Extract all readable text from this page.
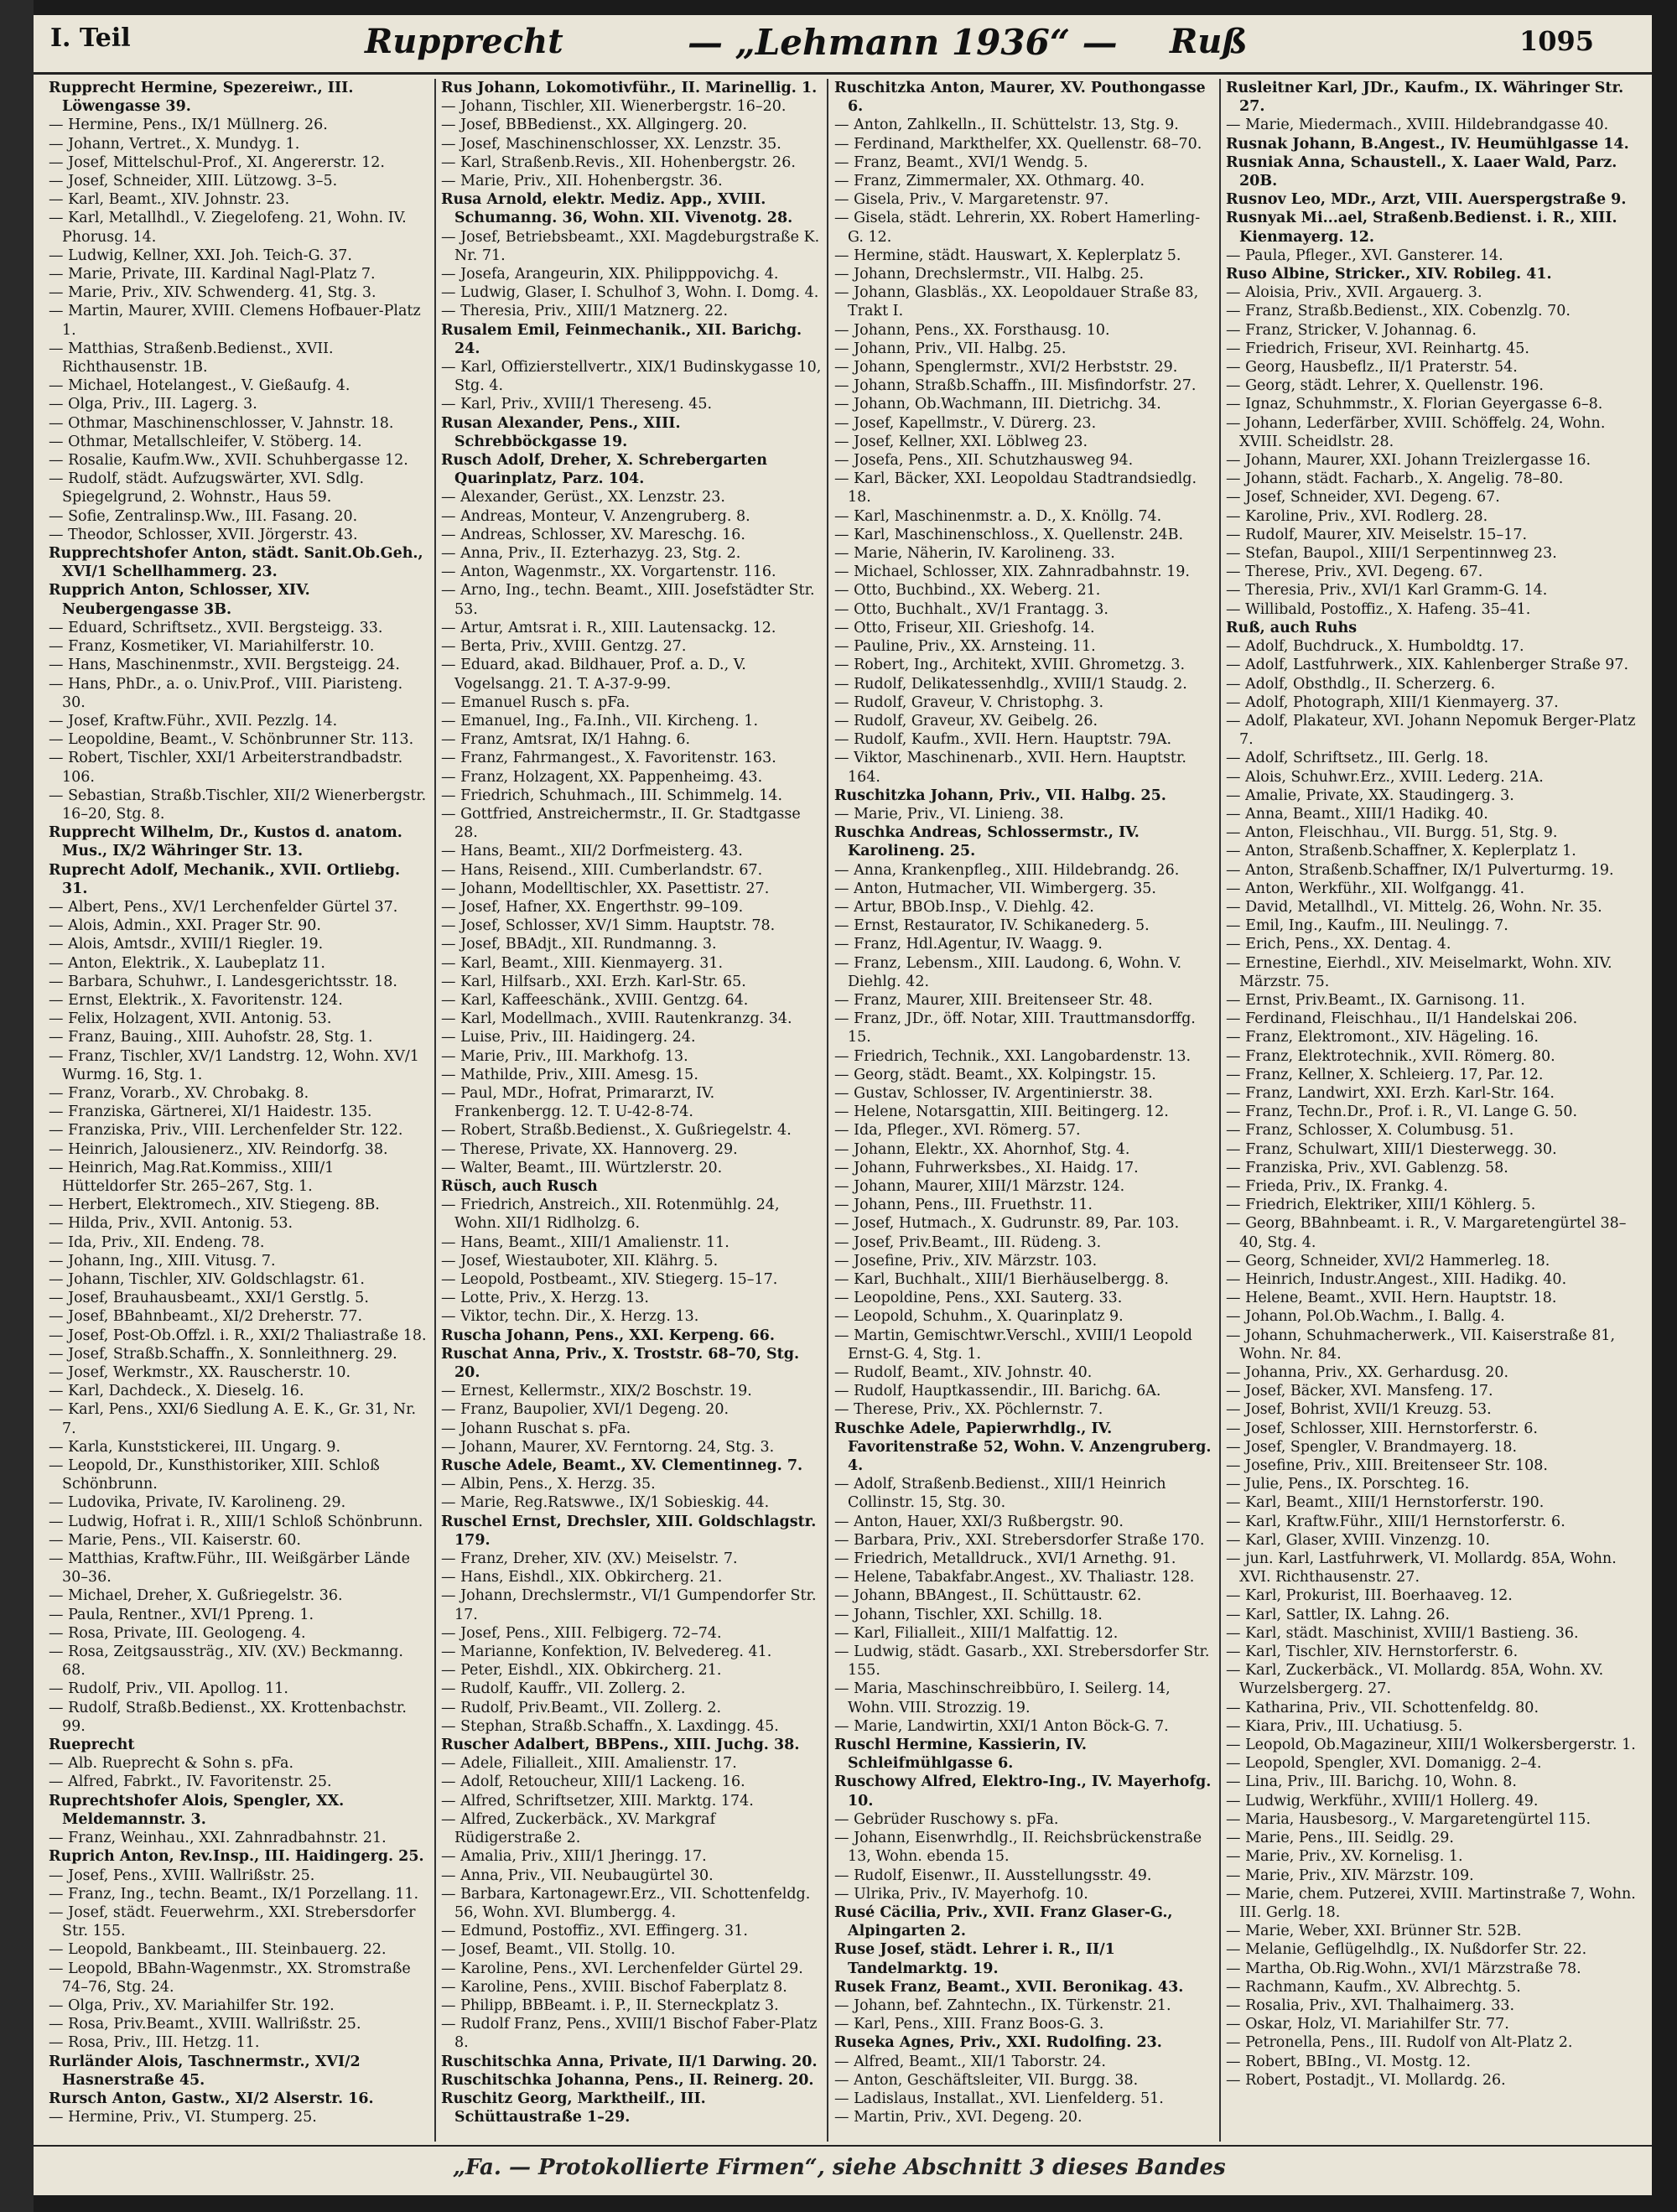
I. Teil	Rupprecht	— „Lehmann 1936“ — Ruß	1095

Rupprecht Hermine, Spezereiwr., III. Löwengasse 39.

— Hermine, Pens., IX/1 Müllnerg. 26.

— Johann, Vertret., X. Mundyg. 1.

— Josef, Mittelschul-Prof., XI. Angererstr. 12.

— Josef, Schneider, XIII. Lützowg. 3–5.

— Karl, Beamt., XIV. Johnstr. 23.

— Karl, Metallhdl., V. Ziegelofeng. 21, Wohn. IV. Phorusg. 14.

— Ludwig, Kellner, XXI. Joh. Teich-G. 37.

— Marie, Private, III. Kardinal Nagl-Platz 7.

— Marie, Priv., XIV. Schwenderg. 41, Stg. 3.

— Martin, Maurer, XVIII. Clemens Hofbauer-Platz 1.

— Matthias, Straßenb.Bedienst., XVII. Richthausenstr. 1B.

— Michael, Hotelangest., V. Gießaufg. 4.

— Olga, Priv., III. Lagerg. 3.

— Othmar, Maschinenschlosser, V. Jahnstr. 18.

— Othmar, Metallschleifer, V. Stöberg. 14.

— Rosalie, Kaufm.Ww., XVII. Schuhbergasse 12.

— Rudolf, städt. Aufzugswärter, XVI. Sdlg. Spiegelgrund, 2. Wohnstr., Haus 59.

— Sofie, Zentralinsp.Ww., III. Fasang. 20.

— Theodor, Schlosser, XVII. Jörgerstr. 43.

Rupprechtshofer Anton, städt. Sanit.Ob.Geh., XVI/1 Schellhammerg. 23.

Rupprich Anton, Schlosser, XIV. Neubergengasse 3B.

— Eduard, Schriftsetz., XVII. Bergsteigg. 33.

— Franz, Kosmetiker, VI. Mariahilferstr. 10.

— Hans, Maschinenmstr., XVII. Bergsteigg. 24.

— Hans, PhDr., a. o. Univ.Prof., VIII. Piaristeng. 30.

— Josef, Kraftw.Führ., XVII. Pezzlg. 14.

— Leopoldine, Beamt., V. Schönbrunner Str. 113.

— Robert, Tischler, XXI/1 Arbeiterstrandbadstr. 106.

— Sebastian, Straßb.Tischler, XII/2 Wienerbergstr. 16–20, Stg. 8.

Rupprecht Wilhelm, Dr., Kustos d. anatom. Mus., IX/2 Währinger Str. 13.

Ruprecht Adolf, Mechanik., XVII. Ortliebg. 31.

— Albert, Pens., XV/1 Lerchenfelder Gürtel 37.

— Alois, Admin., XXI. Prager Str. 90.

— Alois, Amtsdr., XVIII/1 Riegler. 19.

— Anton, Elektrik., X. Laubeplatz 11.

— Barbara, Schuhwr., I. Landesgerichtsstr. 18.

— Ernst, Elektrik., X. Favoritenstr. 124.

— Felix, Holzagent, XVII. Antonig. 53.

— Franz, Bauing., XIII. Auhofstr. 28, Stg. 1.

— Franz, Tischler, XV/1 Landstrg. 12, Wohn. XV/1 Wurmg. 16, Stg. 1.

— Franz, Vorarb., XV. Chrobakg. 8.

— Franziska, Gärtnerei, XI/1 Haidestr. 135.

— Franziska, Priv., VIII. Lerchenfelder Str. 122.

— Heinrich, Jalousienerz., XIV. Reindorfg. 38.

— Heinrich, Mag.Rat.Kommiss., XIII/1 Hütteldorfer Str. 265–267, Stg. 1.

— Herbert, Elektromech., XIV. Stiegeng. 8B.

— Hilda, Priv., XVII. Antonig. 53.

— Ida, Priv., XII. Endeng. 78.

— Johann, Ing., XIII. Vitusg. 7.

— Johann, Tischler, XIV. Goldschlagstr. 61.

— Josef, Brauhausbeamt., XXI/1 Gerstlg. 5.

— Josef, BBahnbeamt., XI/2 Dreherstr. 77.

— Josef, Post-Ob.Offzl. i. R., XXI/2 Thaliastraße 18.

— Josef, Straßb.Schaffn., X. Sonnleithnerg. 29.

— Josef, Werkmstr., XX. Rauscherstr. 10.

— Karl, Dachdeck., X. Dieselg. 16.

— Karl, Pens., XXI/6 Siedlung A. E. K., Gr. 31, Nr. 7.

— Karla, Kunststickerei, III. Ungarg. 9.

— Leopold, Dr., Kunsthistoriker, XIII. Schloß Schönbrunn.

— Ludovika, Private, IV. Karolineng. 29.

— Ludwig, Hofrat i. R., XIII/1 Schloß Schönbrunn.

— Marie, Pens., VII. Kaiserstr. 60.

— Matthias, Kraftw.Führ., III. Weißgärber Lände 30–36.

— Michael, Dreher, X. Gußriegelstr. 36.

— Paula, Rentner., XVI/1 Ppreng. 1.

— Rosa, Private, III. Geologeng. 4.

— Rosa, Zeitgsaussträg., XIV. (XV.) Beckmanng. 68.

— Rudolf, Priv., VII. Apollog. 11.

— Rudolf, Straßb.Bedienst., XX. Krottenbachstr. 99.

Rueprecht

— Alb. Rueprecht & Sohn s. pFa.

— Alfred, Fabrkt., IV. Favoritenstr. 25.

Ruprechtshofer Alois, Spengler, XX. Meldemannstr. 3.

— Franz, Weinhau., XXI. Zahnradbahnstr. 21.

Ruprich Anton, Rev.Insp., III. Haidingerg. 25.

— Josef, Pens., XVIII. Wallrißstr. 25.

— Franz, Ing., techn. Beamt., IX/1 Porzellang. 11.

— Josef, städt. Feuerwehrm., XXI. Strebersdorfer Str. 155.

— Leopold, Bankbeamt., III. Steinbauerg. 22.

— Leopold, BBahn-Wagenmstr., XX. Stromstraße 74–76, Stg. 24.

— Olga, Priv., XV. Mariahilfer Str. 192.

— Rosa, Priv.Beamt., XVIII. Wallrißstr. 25.

— Rosa, Priv., III. Hetzg. 11.

Rurländer Alois, Taschnermstr., XVI/2 Hasnerstraße 45.

Rursch Anton, Gastw., XI/2 Alserstr. 16.

— Hermine, Priv., VI. Stumperg. 25.

Rus Johann, Lokomotivführ., II. Marinellig. 1.

— Johann, Tischler, XII. Wienerbergstr. 16–20.

— Josef, BBBedienst., XX. Allgingerg. 20.

— Josef, Maschinenschlosser, XX. Lenzstr. 35.

— Karl, Straßenb.Revis., XII. Hohenbergstr. 26.

— Marie, Priv., XII. Hohenbergstr. 36.

Rusa Arnold, elektr. Mediz. App., XVIII. Schumanng. 36, Wohn. XII. Vivenotg. 28.

— Josef, Betriebsbeamt., XXI. Magdeburgstraße K. Nr. 71.

— Josefa, Arangeurin, XIX. Philipppovichg. 4.

— Ludwig, Glaser, I. Schulhof 3, Wohn. I. Domg. 4.

— Theresia, Priv., XIII/1 Matznerg. 22.

Rusalem Emil, Feinmechanik., XII. Barichg. 24.

— Karl, Offizierstellvertr., XIX/1 Budinskygasse 10, Stg. 4.

— Karl, Priv., XVIII/1 Thereseng. 45.

Rusan Alexander, Pens., XIII. Schrebböckgasse 19.

Rusch Adolf, Dreher, X. Schrebergarten Quarinplatz, Parz. 104.

— Alexander, Gerüst., XX. Lenzstr. 23.

— Andreas, Monteur, V. Anzengruberg. 8.

— Andreas, Schlosser, XV. Mareschg. 16.

— Anna, Priv., II. Ezterhazyg. 23, Stg. 2.

— Anton, Wagenmstr., XX. Vorgartenstr. 116.

— Arno, Ing., techn. Beamt., XIII. Josefstädter Str. 53.

— Artur, Amtsrat i. R., XIII. Lautensackg. 12.

— Berta, Priv., XVIII. Gentzg. 27.

— Eduard, akad. Bildhauer, Prof. a. D., V. Vogelsangg. 21. T. A-37-9-99.

— Emanuel Rusch s. pFa.

— Emanuel, Ing., Fa.Inh., VII. Kircheng. 1.

— Franz, Amtsrat, IX/1 Hahng. 6.

— Franz, Fahrmangest., X. Favoritenstr. 163.

— Franz, Holzagent, XX. Pappenheimg. 43.

— Friedrich, Schuhmach., III. Schimmelg. 14.

— Gottfried, Anstreichermstr., II. Gr. Stadtgasse 28.

— Hans, Beamt., XII/2 Dorfmeisterg. 43.

— Hans, Reisend., XIII. Cumberlandstr. 67.

— Johann, Modelltischler, XX. Pasettistr. 27.

— Josef, Hafner, XX. Engerthstr. 99–109.

— Josef, Schlosser, XV/1 Simm. Hauptstr. 78.

— Josef, BBAdjt., XII. Rundmanng. 3.

— Karl, Beamt., XIII. Kienmayerg. 31.

— Karl, Hilfsarb., XXI. Erzh. Karl-Str. 65.

— Karl, Kaffeeschänk., XVIII. Gentzg. 64.

— Karl, Modellmach., XVIII. Rautenkranzg. 34.

— Luise, Priv., III. Haidingerg. 24.

— Marie, Priv., III. Markhofg. 13.

— Mathilde, Priv., XIII. Amesg. 15.

— Paul, MDr., Hofrat, Primararzt, IV. Frankenbergg. 12. T. U-42-8-74.

— Robert, Straßb.Bedienst., X. Gußriegelstr. 4.

— Therese, Private, XX. Hannoverg. 29.

— Walter, Beamt., III. Würtzlerstr. 20.

Rüsch, auch Rusch

— Friedrich, Anstreich., XII. Rotenmühlg. 24, Wohn. XII/1 Ridlholzg. 6.

— Hans, Beamt., XIII/1 Amalienstr. 11.

— Josef, Wiestauboter, XII. Klährg. 5.

— Leopold, Postbeamt., XIV. Stiegerg. 15–17.

— Lotte, Priv., X. Herzg. 13.

— Viktor, techn. Dir., X. Herzg. 13.

Ruscha Johann, Pens., XXI. Kerpeng. 66.

Ruschat Anna, Priv., X. Troststr. 68–70, Stg. 20.

— Ernest, Kellermstr., XIX/2 Boschstr. 19.

— Franz, Baupolier, XVI/1 Degeng. 20.

— Johann Ruschat s. pFa.

— Johann, Maurer, XV. Ferntorng. 24, Stg. 3.

Rusche Adele, Beamt., XV. Clementinneg. 7.

— Albin, Pens., X. Herzg. 35.

— Marie, Reg.Ratswwe., IX/1 Sobieskig. 44.

Ruschel Ernst, Drechsler, XIII. Goldschlagstr. 179.

— Franz, Dreher, XIV. (XV.) Meiselstr. 7.

— Hans, Eishdl., XIX. Obkircherg. 21.

— Johann, Drechslermstr., VI/1 Gumpendorfer Str. 17.

— Josef, Pens., XIII. Felbigerg. 72–74.

— Marianne, Konfektion, IV. Belvedereg. 41.

— Peter, Eishdl., XIX. Obkircherg. 21.

— Rudolf, Kauffr., VII. Zollerg. 2.

— Rudolf, Priv.Beamt., VII. Zollerg. 2.

— Stephan, Straßb.Schaffn., X. Laxdingg. 45.

Ruscher Adalbert, BBPens., XIII. Juchg. 38.

— Adele, Filialleit., XIII. Amalienstr. 17.

— Adolf, Retoucheur, XIII/1 Lackeng. 16.

— Alfred, Schriftsetzer, XIII. Marktg. 174.

— Alfred, Zuckerbäck., XV. Markgraf Rüdigerstraße 2.

— Amalia, Priv., XIII/1 Jheringg. 17.

— Anna, Priv., VII. Neubaugürtel 30.

— Barbara, Kartonagewr.Erz., VII. Schottenfeldg. 56, Wohn. XVI. Blumbergg. 4.

— Edmund, Postoffiz., XVI. Effingerg. 31.

— Josef, Beamt., VII. Stollg. 10.

— Karoline, Pens., XVI. Lerchenfelder Gürtel 29.

— Karoline, Pens., XVIII. Bischof Faberplatz 8.

— Philipp, BBBeamt. i. P., II. Sterneckplatz 3.

— Rudolf Franz, Pens., XVIII/1 Bischof Faber-Platz 8.

Ruschitschka Anna, Private, II/1 Darwing. 20.

Ruschitschka Johanna, Pens., II. Reinerg. 20.

Ruschitz Georg, Marktheilf., III. Schüttaustraße 1–29.

Ruschitzka Anton, Maurer, XV. Pouthongasse 6.

— Anton, Zahlkelln., II. Schüttelstr. 13, Stg. 9.

— Ferdinand, Markthelfer, XX. Quellenstr. 68–70.

— Franz, Beamt., XVI/1 Wendg. 5.

— Franz, Zimmermaler, XX. Othmarg. 40.

— Gisela, Priv., V. Margaretenstr. 97.

— Gisela, städt. Lehrerin, XX. Robert Hamerling-G. 12.

— Hermine, städt. Hauswart, X. Keplerplatz 5.

— Johann, Drechslermstr., VII. Halbg. 25.

— Johann, Glasbläs., XX. Leopoldauer Straße 83, Trakt I.

— Johann, Pens., XX. Forsthausg. 10.

— Johann, Priv., VII. Halbg. 25.

— Johann, Spenglermstr., XVI/2 Herbststr. 29.

— Johann, Straßb.Schaffn., III. Misfindorfstr. 27.

— Johann, Ob.Wachmann, III. Dietrichg. 34.

— Josef, Kapellmstr., V. Dürerg. 23.

— Josef, Kellner, XXI. Löblweg 23.

— Josefa, Pens., XII. Schutzhausweg 94.

— Karl, Bäcker, XXI. Leopoldau Stadtrandsiedlg. 18.

— Karl, Maschinenmstr. a. D., X. Knöllg. 74.

— Karl, Maschinenschloss., X. Quellenstr. 24B.

— Marie, Näherin, IV. Karolineng. 33.

— Michael, Schlosser, XIX. Zahnradbahnstr. 19.

— Otto, Buchbind., XX. Weberg. 21.

— Otto, Buchhalt., XV/1 Frantagg. 3.

— Otto, Friseur, XII. Grieshofg. 14.

— Pauline, Priv., XX. Arnsteing. 11.

— Robert, Ing., Architekt, XVIII. Ghrometzg. 3.

— Rudolf, Delikatessenhdlg., XVIII/1 Staudg. 2.

— Rudolf, Graveur, V. Christophg. 3.

— Rudolf, Graveur, XV. Geibelg. 26.

— Rudolf, Kaufm., XVII. Hern. Hauptstr. 79A.

— Viktor, Maschinenarb., XVII. Hern. Hauptstr. 164.

Ruschitzka Johann, Priv., VII. Halbg. 25.

— Marie, Priv., VI. Linieng. 38.

Ruschka Andreas, Schlossermstr., IV. Karolineng. 25.

— Anna, Krankenpfleg., XIII. Hildebrandg. 26.

— Anton, Hutmacher, VII. Wimbergerg. 35.

— Artur, BBOb.Insp., V. Diehlg. 42.

— Ernst, Restaurator, IV. Schikanederg. 5.

— Franz, Hdl.Agentur, IV. Waagg. 9.

— Franz, Lebensm., XIII. Laudong. 6, Wohn. V. Diehlg. 42.

— Franz, Maurer, XIII. Breitenseer Str. 48.

— Franz, JDr., öff. Notar, XIII. Trauttmansdorffg. 15.

— Friedrich, Technik., XXI. Langobardenstr. 13.

— Georg, städt. Beamt., XX. Kolpingstr. 15.

— Gustav, Schlosser, IV. Argentinierstr. 38.

— Helene, Notarsgattin, XIII. Beitingerg. 12.

— Ida, Pfleger., XVI. Römerg. 57.

— Johann, Elektr., XX. Ahornhof, Stg. 4.

— Johann, Fuhrwerksbes., XI. Haidg. 17.

— Johann, Maurer, XIII/1 Märzstr. 124.

— Johann, Pens., III. Fruethstr. 11.

— Josef, Hutmach., X. Gudrunstr. 89, Par. 103.

— Josef, Priv.Beamt., III. Rüdeng. 3.

— Josefine, Priv., XIV. Märzstr. 103.

— Karl, Buchhalt., XIII/1 Bierhäuselbergg. 8.

— Leopoldine, Pens., XXI. Sauterg. 33.

— Leopold, Schuhm., X. Quarinplatz 9.

— Martin, Gemischtwr.Verschl., XVIII/1 Leopold Ernst-G. 4, Stg. 1.

— Rudolf, Beamt., XIV. Johnstr. 40.

— Rudolf, Hauptkassendir., III. Barichg. 6A.

— Therese, Priv., XX. Pöchlernstr. 7.

Ruschke Adele, Papierwrhdlg., IV. Favoritenstraße 52, Wohn. V. Anzengruberg. 4.

— Adolf, Straßenb.Bedienst., XIII/1 Heinrich Collinstr. 15, Stg. 30.

— Anton, Hauer, XXI/3 Rußbergstr. 90.

— Barbara, Priv., XXI. Strebersdorfer Straße 170.

— Friedrich, Metalldruck., XVI/1 Arnethg. 91.

— Helene, Tabakfabr.Angest., XV. Thaliastr. 128.

— Johann, BBAngest., II. Schüttaustr. 62.

— Johann, Tischler, XXI. Schillg. 18.

— Karl, Filialleit., XIII/1 Malfattig. 12.

— Ludwig, städt. Gasarb., XXI. Strebersdorfer Str. 155.

— Maria, Maschinschreibbüro, I. Seilerg. 14, Wohn. VIII. Strozzig. 19.

— Marie, Landwirtin, XXI/1 Anton Böck-G. 7.

Ruschl Hermine, Kassierin, IV. Schleifmühlgasse 6.

Ruschowy Alfred, Elektro-Ing., IV. Mayerhofg. 10.

— Gebrüder Ruschowy s. pFa.

— Johann, Eisenwrhdlg., II. Reichsbrückenstraße 13, Wohn. ebenda 15.

— Rudolf, Eisenwr., II. Ausstellungsstr. 49.

— Ulrika, Priv., IV. Mayerhofg. 10.

Rusé Cäcilia, Priv., XVII. Franz Glaser-G., Alpingarten 2.

Ruse Josef, städt. Lehrer i. R., II/1 Tandelmarktg. 19.

Rusek Franz, Beamt., XVII. Beronikag. 43.

— Johann, bef. Zahntechn., IX. Türkenstr. 21.

— Karl, Pens., XIII. Franz Boos-G. 3.

Ruseka Agnes, Priv., XXI. Rudolfing. 23.

— Alfred, Beamt., XII/1 Taborstr. 24.

— Anton, Geschäftsleiter, VII. Burgg. 38.

— Ladislaus, Installat., XVI. Lienfelderg. 51.

— Martin, Priv., XVI. Degeng. 20.

Rusleitner Karl, JDr., Kaufm., IX. Währinger Str. 27.

— Marie, Miedermach., XVIII. Hildebrandgasse 40.

Rusnak Johann, B.Angest., IV. Heumühlgasse 14.

Rusniak Anna, Schaustell., X. Laaer Wald, Parz. 20B.

Rusnov Leo, MDr., Arzt, VIII. Auerspergstraße 9.

Rusnyak Mi...ael, Straßenb.Bedienst. i. R., XIII. Kienmayerg. 12.

— Paula, Pfleger., XVI. Gansterer. 14.

Ruso Albine, Stricker., XIV. Robileg. 41.

— Aloisia, Priv., XVII. Argauerg. 3.

— Franz, Straßb.Bedienst., XIX. Cobenzlg. 70.

— Franz, Stricker, V. Johannag. 6.

— Friedrich, Friseur, XVI. Reinhartg. 45.

— Georg, Hausbeflz., II/1 Praterstr. 54.

— Georg, städt. Lehrer, X. Quellenstr. 196.

— Ignaz, Schuhmmstr., X. Florian Geyergasse 6–8.

— Johann, Lederfärber, XVIII. Schöffelg. 24, Wohn. XVIII. Scheidlstr. 28.

— Johann, Maurer, XXI. Johann Treizlergasse 16.

— Johann, städt. Facharb., X. Angelig. 78–80.

— Josef, Schneider, XVI. Degeng. 67.

— Karoline, Priv., XVI. Rodlerg. 28.

— Rudolf, Maurer, XIV. Meiselstr. 15–17.

— Stefan, Baupol., XIII/1 Serpentinnweg 23.

— Therese, Priv., XVI. Degeng. 67.

— Theresia, Priv., XVI/1 Karl Gramm-G. 14.

— Willibald, Postoffiz., X. Hafeng. 35–41.

Ruß, auch Ruhs

— Adolf, Buchdruck., X. Humboldtg. 17.

— Adolf, Lastfuhrwerk., XIX. Kahlenberger Straße 97.

— Adolf, Obsthdlg., II. Scherzerg. 6.

— Adolf, Photograph, XIII/1 Kienmayerg. 37.

— Adolf, Plakateur, XVI. Johann Nepomuk Berger-Platz 7.

— Adolf, Schriftsetz., III. Gerlg. 18.

— Alois, Schuhwr.Erz., XVIII. Lederg. 21A.

— Amalie, Private, XX. Staudingerg. 3.

— Anna, Beamt., XIII/1 Hadikg. 40.

— Anton, Fleischhau., VII. Burgg. 51, Stg. 9.

— Anton, Straßenb.Schaffner, X. Keplerplatz 1.

— Anton, Straßenb.Schaffner, IX/1 Pulverturmg. 19.

— Anton, Werkführ., XII. Wolfgangg. 41.

— David, Metallhdl., VI. Mittelg. 26, Wohn. Nr. 35.

— Emil, Ing., Kaufm., III. Neulingg. 7.

— Erich, Pens., XX. Dentag. 4.

— Ernestine, Eierhdl., XIV. Meiselmarkt, Wohn. XIV. Märzstr. 75.

— Ernst, Priv.Beamt., IX. Garnisong. 11.

— Ferdinand, Fleischhau., II/1 Handelskai 206.

— Franz, Elektromont., XIV. Hägeling. 16.

— Franz, Elektrotechnik., XVII. Römerg. 80.

— Franz, Kellner, X. Schleierg. 17, Par. 12.

— Franz, Landwirt, XXI. Erzh. Karl-Str. 164.

— Franz, Techn.Dr., Prof. i. R., VI. Lange G. 50.

— Franz, Schlosser, X. Columbusg. 51.

— Franz, Schulwart, XIII/1 Diesterwegg. 30.

— Franziska, Priv., XVI. Gablenzg. 58.

— Frieda, Priv., IX. Frankg. 4.

— Friedrich, Elektriker, XIII/1 Köhlerg. 5.

— Georg, BBahnbeamt. i. R., V. Margaretengürtel 38–40, Stg. 4.

— Georg, Schneider, XVI/2 Hammerleg. 18.

— Heinrich, Industr.Angest., XIII. Hadikg. 40.

— Helene, Beamt., XVII. Hern. Hauptstr. 18.

— Johann, Pol.Ob.Wachm., I. Ballg. 4.

— Johann, Schuhmacherwerk., VII. Kaiserstraße 81, Wohn. Nr. 84.

— Johanna, Priv., XX. Gerhardusg. 20.

— Josef, Bäcker, XVI. Mansfeng. 17.

— Josef, Bohrist, XVII/1 Kreuzg. 53.

— Josef, Schlosser, XIII. Hernstorferstr. 6.

— Josef, Spengler, V. Brandmayerg. 18.

— Josefine, Priv., XIII. Breitenseer Str. 108.

— Julie, Pens., IX. Porschteg. 16.

— Karl, Beamt., XIII/1 Hernstorferstr. 190.

— Karl, Kraftw.Führ., XIII/1 Hernstorferstr. 6.

— Karl, Glaser, XVIII. Vinzenzg. 10.

— jun. Karl, Lastfuhrwerk, VI. Mollardg. 85A, Wohn. XVI. Richthausenstr. 27.

— Karl, Prokurist, III. Boerhaaveg. 12.

— Karl, Sattler, IX. Lahng. 26.

— Karl, städt. Maschinist, XVIII/1 Bastieng. 36.

— Karl, Tischler, XIV. Hernstorferstr. 6.

— Karl, Zuckerbäck., VI. Mollardg. 85A, Wohn. XV. Wurzelsbergerg. 27.

— Katharina, Priv., VII. Schottenfeldg. 80.

— Kiara, Priv., III. Uchatiusg. 5.

— Leopold, Ob.Magazineur, XIII/1 Wolkersbergerstr. 1.

— Leopold, Spengler, XVI. Domanigg. 2–4.

— Lina, Priv., III. Barichg. 10, Wohn. 8.

— Ludwig, Werkführ., XVIII/1 Hollerg. 49.

— Maria, Hausbesorg., V. Margaretengürtel 115.

— Marie, Pens., III. Seidlg. 29.

— Marie, Priv., XV. Kornelisg. 1.

— Marie, Priv., XIV. Märzstr. 109.

— Marie, chem. Putzerei, XVIII. Martinstraße 7, Wohn. III. Gerlg. 18.

— Marie, Weber, XXI. Brünner Str. 52B.

— Melanie, Geflügelhdlg., IX. Nußdorfer Str. 22.

— Martha, Ob.Rig.Wohn., XVI/1 Märzstraße 78.

— Rachmann, Kaufm., XV. Albrechtg. 5.

— Rosalia, Priv., XVI. Thalhaimerg. 33.

— Oskar, Holz, VI. Mariahilfer Str. 77.

— Petronella, Pens., III. Rudolf von Alt-Platz 2.

— Robert, BBIng., VI. Mostg. 12.

— Robert, Postadjt., VI. Mollardg. 26.

„Fa. — Protokollierte Firmen“, siehe Abschnitt 3 dieses Bandes
